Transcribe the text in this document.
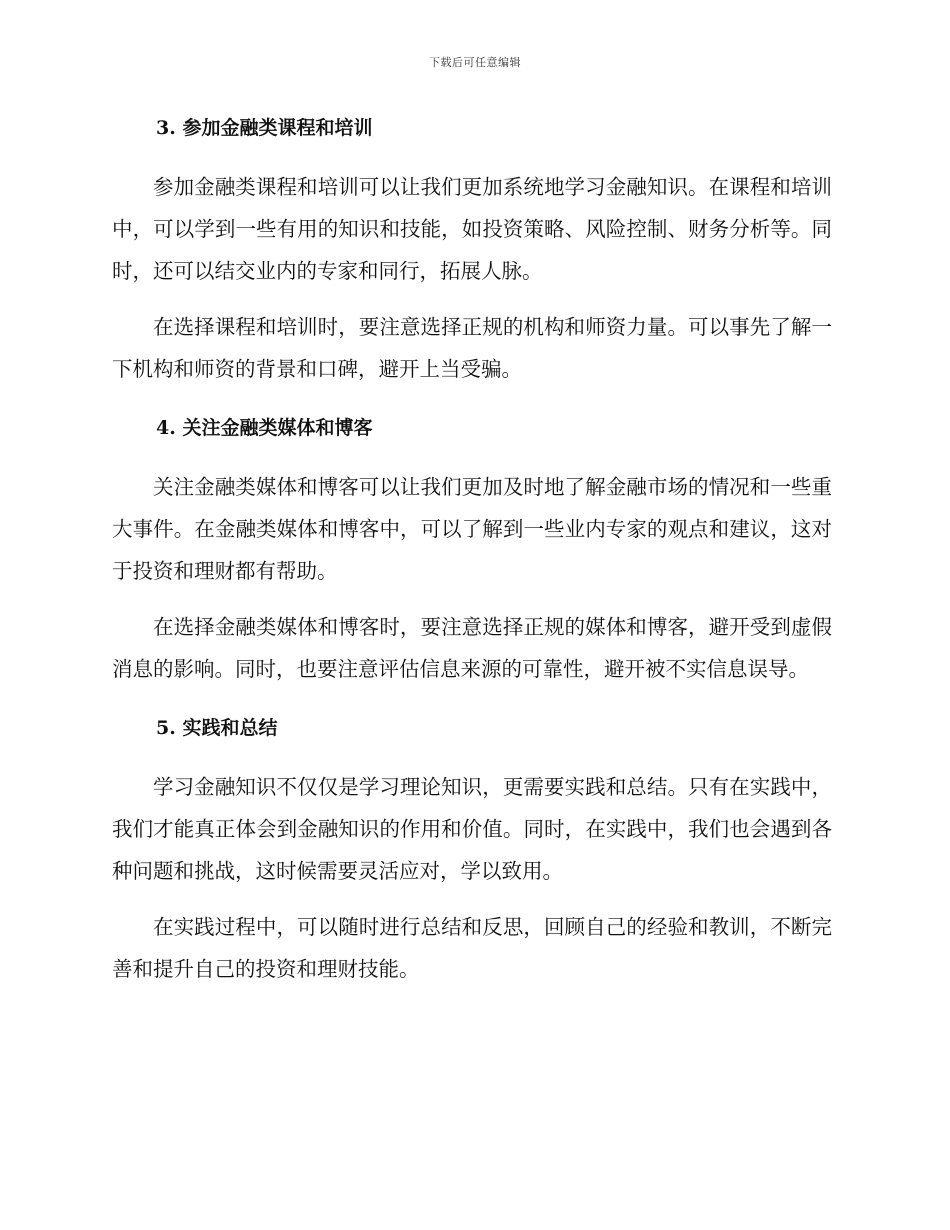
下载后可任意编辑
3. 参加金融类课程和培训

参加金融类课程和培训可以让我们更加系统地学习金融知识。在课程和培训中，可以学到一些有用的知识和技能，如投资策略、风险控制、财务分析等。同时，还可以结交业内的专家和同行，拓展人脉。

在选择课程和培训时，要注意选择正规的机构和师资力量。可以事先了解一下机构和师资的背景和口碑，避开上当受骗。

4. 关注金融类媒体和博客

关注金融类媒体和博客可以让我们更加及时地了解金融市场的情况和一些重大事件。在金融类媒体和博客中，可以了解到一些业内专家的观点和建议，这对于投资和理财都有帮助。

在选择金融类媒体和博客时，要注意选择正规的媒体和博客，避开受到虚假消息的影响。同时，也要注意评估信息来源的可靠性，避开被不实信息误导。

5. 实践和总结

学习金融知识不仅仅是学习理论知识，更需要实践和总结。只有在实践中，我们才能真正体会到金融知识的作用和价值。同时，在实践中，我们也会遇到各种问题和挑战，这时候需要灵活应对，学以致用。

在实践过程中，可以随时进行总结和反思，回顾自己的经验和教训，不断完善和提升自己的投资和理财技能。
